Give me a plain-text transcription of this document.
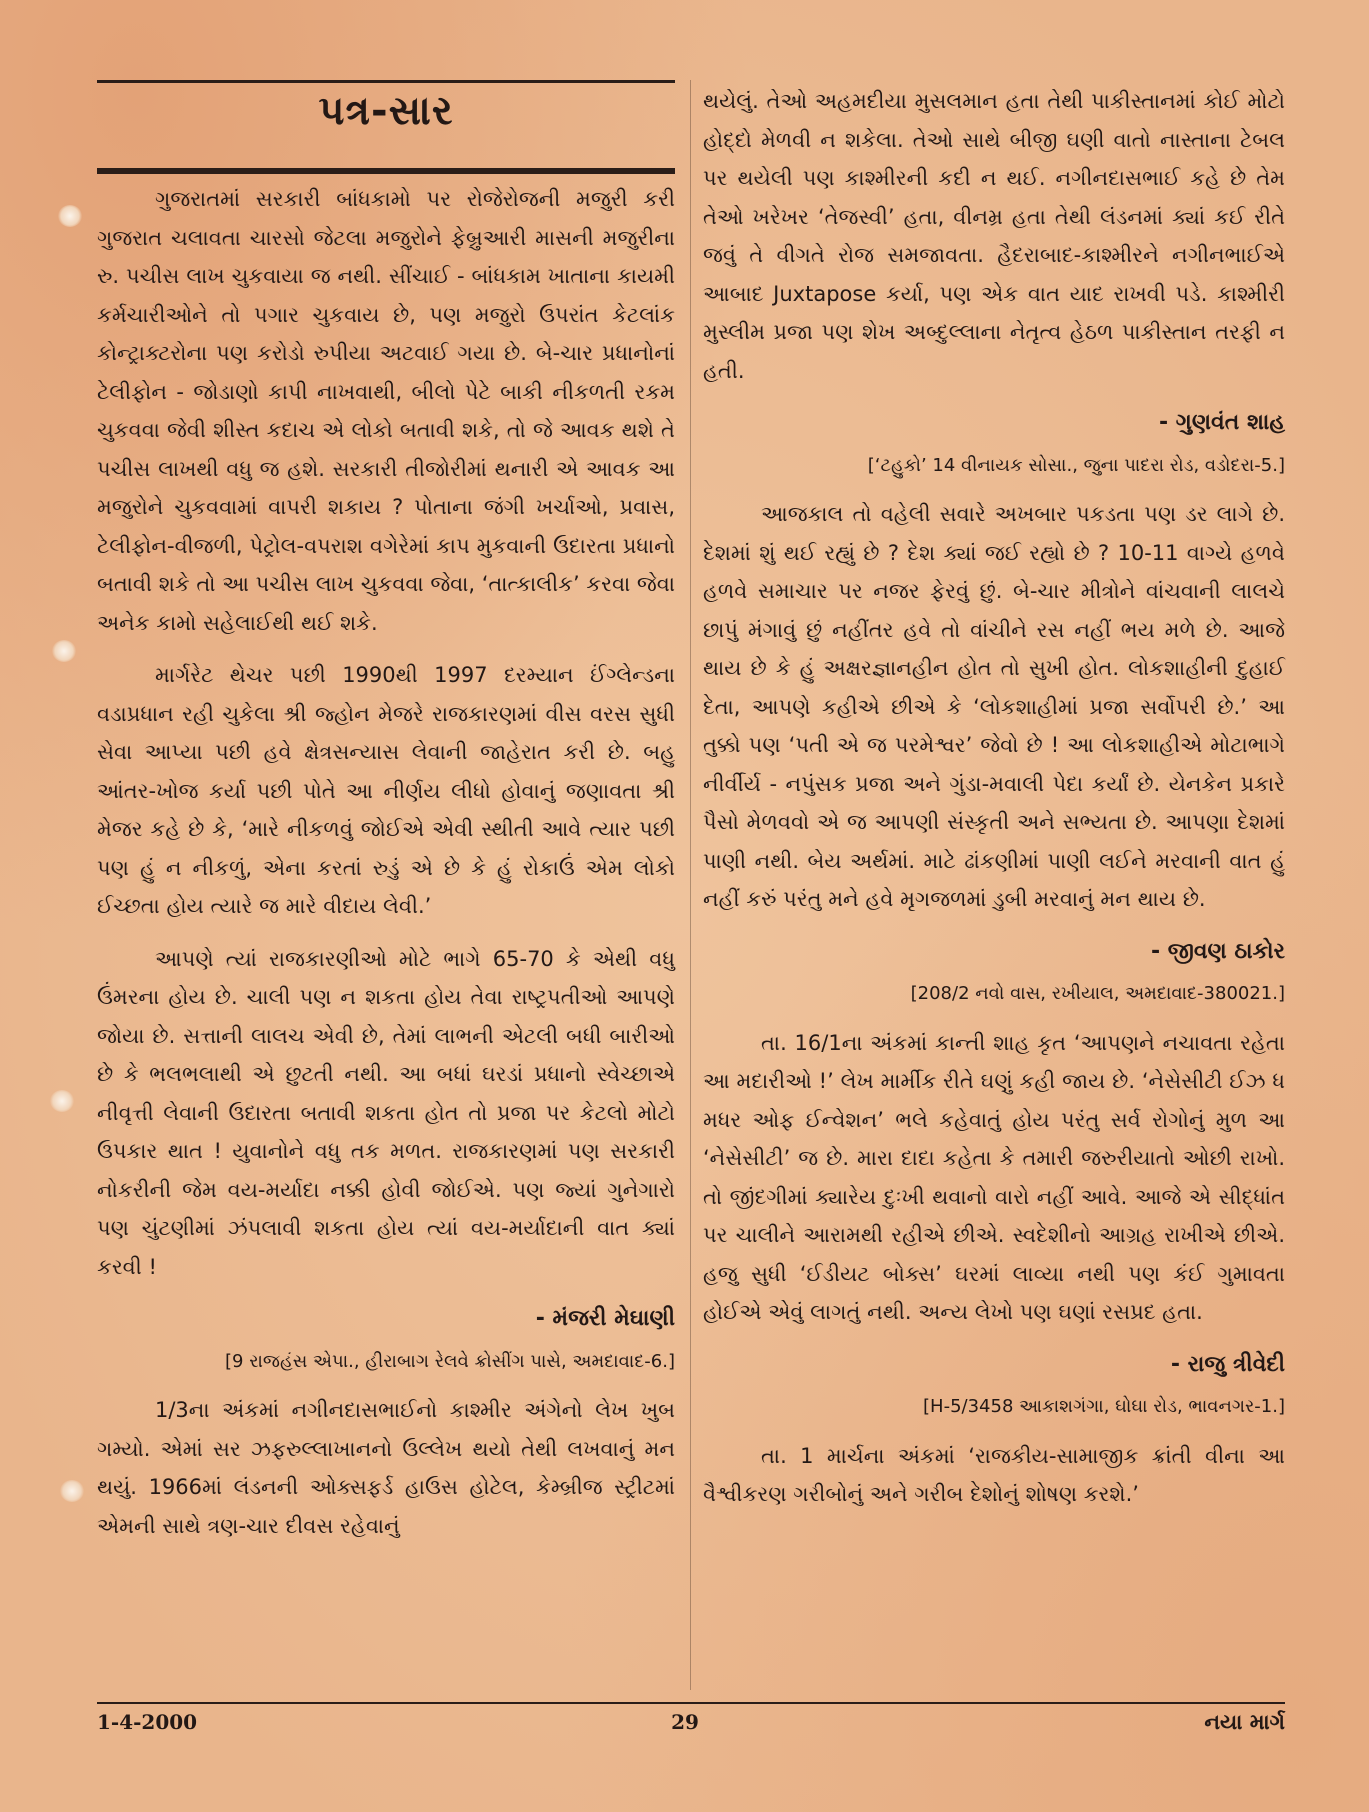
પત્ર-સાર

ગુજરાતમાં સરકારી બાંધકામો પર રોજેરોજની મજુરી કરી ગુજરાત ચલાવતા ચારસો જેટલા મજુરોને ફેબ્રુઆરી માસની મજુરીના રુ. પચીસ લાખ ચુકવાયા જ નથી. સીંચાઈ - બાંધકામ ખાતાના કાયમી કર્મચારીઓને તો પગાર ચુકવાય છે, પણ મજુરો ઉપરાંત કેટલાંક કોન્ટ્રાક્ટરોના પણ કરોડો રુપીયા અટવાઈ ગયા છે. બે-ચાર પ્રધાનોનાં ટેલીફોન - જોડાણો કાપી નાખવાથી, બીલો પેટે બાકી નીકળતી રકમ ચુકવવા જેવી શીસ્ત કદાચ એ લોકો બતાવી શકે, તો જે આવક થશે તે પચીસ લાખથી વધુ જ હશે. સરકારી તીજોરીમાં થનારી એ આવક આ મજુરોને ચુકવવામાં વાપરી શકાય ? પોતાના જંગી ખર્ચાઓ, પ્રવાસ, ટેલીફોન-વીજળી, પેટ્રોલ-વપરાશ વગેરેમાં કાપ મુકવાની ઉદારતા પ્રધાનો બતાવી શકે તો આ પચીસ લાખ ચુકવવા જેવા, ‘તાત્કાલીક’ કરવા જેવા અનેક કામો સહેલાઈથી થઈ શકે.

માર્ગરેટ થેચર પછી 1990થી 1997 દરમ્યાન ઈંગ્લેન્ડના વડાપ્રધાન રહી ચુકેલા શ્રી જ્હોન મેજરે રાજકારણમાં વીસ વરસ સુધી સેવા આપ્યા પછી હવે ક્ષેત્રસન્યાસ લેવાની જાહેરાત કરી છે. બહુ આંતર-ખોજ કર્યા પછી પોતે આ નીર્ણય લીધો હોવાનું જણાવતા શ્રી મેજર કહે છે કે, ‘મારે નીકળવું જોઈએ એવી સ્થીતી આવે ત્યાર પછી પણ હું ન નીકળું, એના કરતાં રુડું એ છે કે હું રોકાઉં એમ લોકો ઈચ્છતા હોય ત્યારે જ મારે વીદાય લેવી.’

આપણે ત્યાં રાજકારણીઓ મોટે ભાગે 65-70 કે એથી વધુ ઉંમરના હોય છે. ચાલી પણ ન શકતા હોય તેવા રાષ્ટ્રપતીઓ આપણે જોયા છે. સત્તાની લાલચ એવી છે, તેમાં લાભની એટલી બધી બારીઓ છે કે ભલભલાથી એ છુટતી નથી. આ બધાં ઘરડાં પ્રધાનો સ્વેચ્છાએ નીવૃત્તી લેવાની ઉદારતા બતાવી શકતા હોત તો પ્રજા પર કેટલો મોટો ઉપકાર થાત ! યુવાનોને વધુ તક મળત. રાજકારણમાં પણ સરકારી નોકરીની જેમ વય-મર્યાદા નક્કી હોવી જોઈએ. પણ જ્યાં ગુનેગારો પણ ચુંટણીમાં ઝંપલાવી શકતા હોય ત્યાં વય-મર્યાદાની વાત ક્યાં કરવી !

- મંજરી મેઘાણી
[9 રાજહંસ એપા., હીરાબાગ રેલવે ક્રોસીંગ પાસે, અમદાવાદ-6.]

1/3ના અંકમાં નગીનદાસભાઈનો કાશ્મીર અંગેનો લેખ ખુબ ગમ્યો. એમાં સર ઝફરુલ્લાખાનનો ઉલ્લેખ થયો તેથી લખવાનું મન થયું. 1966માં લંડનની ઓક્સફર્ડ હાઉસ હોટેલ, કેમ્બ્રીજ સ્ટ્રીટમાં એમની સાથે ત્રણ-ચાર દીવસ રહેવાનું

થયેલું. તેઓ અહમદીયા મુસલમાન હતા તેથી પાકીસ્તાનમાં કોઈ મોટો હોદ્દો મેળવી ન શકેલા. તેઓ સાથે બીજી ઘણી વાતો નાસ્તાના ટેબલ પર થયેલી પણ કાશ્મીરની કદી ન થઈ. નગીનદાસભાઈ કહે છે તેમ તેઓ ખરેખર ‘તેજસ્વી’ હતા, વીનમ્ર હતા તેથી લંડનમાં ક્યાં કઈ રીતે જવું તે વીગતે રોજ સમજાવતા. હૈદરાબાદ-કાશ્મીરને નગીનભાઈએ આબાદ Juxtapose કર્યા, પણ એક વાત યાદ રાખવી પડે. કાશ્મીરી મુસ્લીમ પ્રજા પણ શેખ અબ્દુલ્લાના નેતૃત્વ હેઠળ પાકીસ્તાન તરફી ન હતી.

- ગુણવંત શાહ
[‘ટહુકો’ 14 વીનાયક સોસા., જુના પાદરા રોડ, વડોદરા-5.]

આજકાલ તો વહેલી સવારે અખબાર પકડતા પણ ડર લાગે છે. દેશમાં શું થઈ રહ્યું છે ? દેશ ક્યાં જઈ રહ્યો છે ? 10-11 વાગ્યે હળવે હળવે સમાચાર પર નજર ફેરવું છું. બે-ચાર મીત્રોને વાંચવાની લાલચે છાપું મંગાવું છું નહીંતર હવે તો વાંચીને રસ નહીં ભય મળે છે. આજે થાય છે કે હું અક્ષરજ્ઞાનહીન હોત તો સુખી હોત. લોકશાહીની દુહાઈ દેતા, આપણે કહીએ છીએ કે ‘લોકશાહીમાં પ્રજા સર્વોપરી છે.’ આ તુક્કો પણ ‘પતી એ જ પરમેશ્વર’ જેવો છે ! આ લોકશાહીએ મોટાભાગે નીર્વીર્ય - નપુંસક પ્રજા અને ગુંડા-મવાલી પેદા કર્યાં છે. યેનકેન પ્રકારે પૈસો મેળવવો એ જ આપણી સંસ્કૃતી અને સભ્યતા છે. આપણા દેશમાં પાણી નથી. બેય અર્થમાં. માટે ઢાંકણીમાં પાણી લઈને મરવાની વાત હું નહીં કરું પરંતુ મને હવે મૃગજળમાં ડુબી મરવાનું મન થાય છે.

- જીવણ ઠાકોર
[208/2 નવો વાસ, રખીયાલ, અમદાવાદ-380021.]

તા. 16/1ના અંકમાં કાન્તી શાહ કૃત ‘આપણને નચાવતા રહેતા આ મદારીઓ !’ લેખ માર્મીક રીતે ઘણું કહી જાય છે. ‘નેસેસીટી ઈઝ ધ મધર ઓફ ઈન્વેશન’ ભલે કહેવાતું હોય પરંતુ સર્વ રોગોનું મુળ આ ‘નેસેસીટી’ જ છે. મારા દાદા કહેતા કે તમારી જરુરીયાતો ઓછી રાખો. તો જીંદગીમાં ક્યારેય દુઃખી થવાનો વારો નહીં આવે. આજે એ સીદ્ધાંત પર ચાલીને આરામથી રહીએ છીએ. સ્વદેશીનો આગ્રહ રાખીએ છીએ. હજુ સુધી ‘ઈડીયટ બોક્સ’ ઘરમાં લાવ્યા નથી પણ કંઈ ગુમાવતા હોઈએ એવું લાગતું નથી. અન્ય લેખો પણ ઘણાં રસપ્રદ હતા.

- રાજુ ત્રીવેદી
[H-5/3458 આકાશગંગા, ઘોઘા રોડ, ભાવનગર-1.]

તા. 1 માર્ચના અંકમાં ‘રાજકીય-સામાજીક ક્રાંતી વીના આ વૈશ્વીકરણ ગરીબોનું અને ગરીબ દેશોનું શોષણ કરશે.’

1-4-2000	29	નયા માર્ગ
